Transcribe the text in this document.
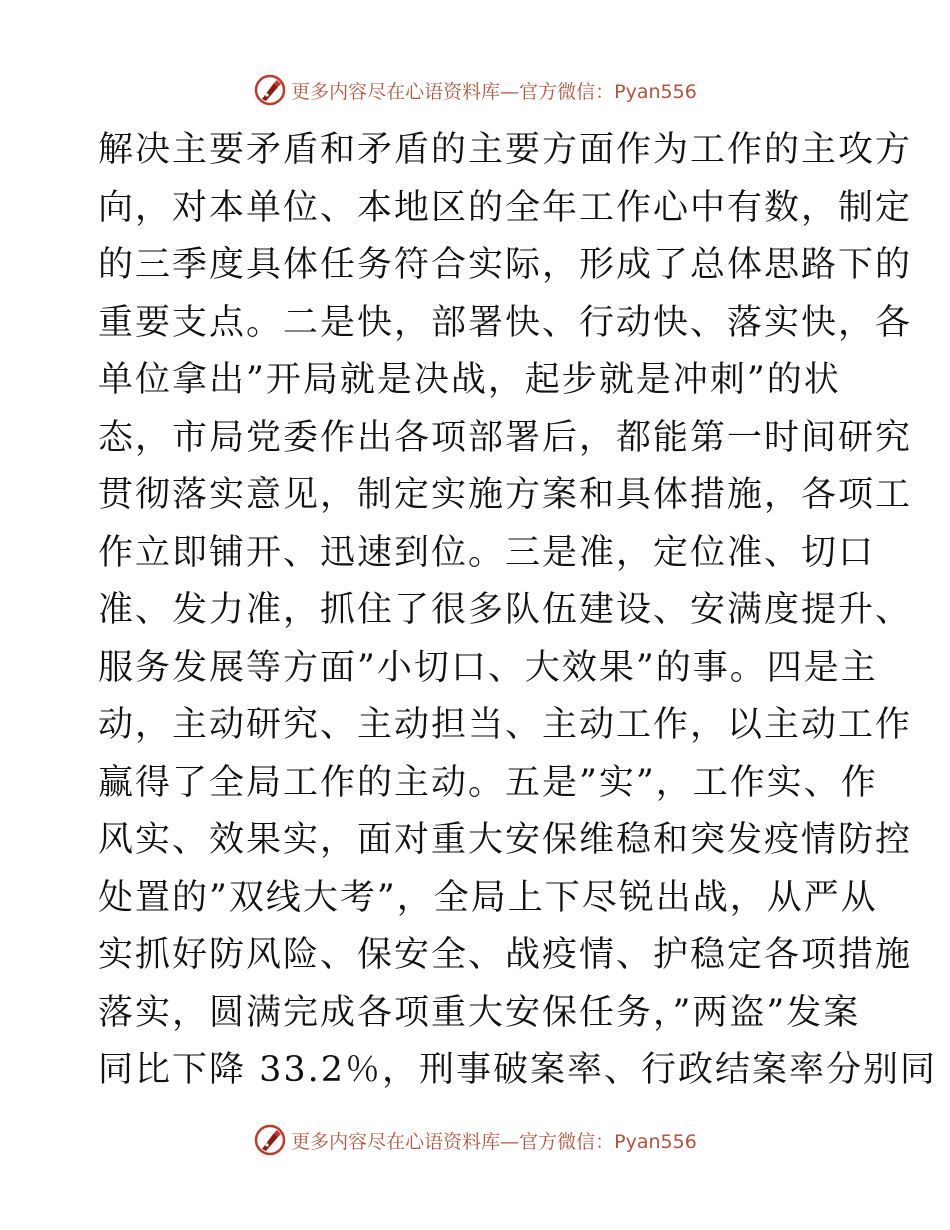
更多内容尽在心语资料库—官方微信：Pyan556
解决主要矛盾和矛盾的主要方面作为工作的主攻方
向，对本单位、本地区的全年工作心中有数，制定
的三季度具体任务符合实际，形成了总体思路下的
重要支点。二是快，部署快、行动快、落实快，各
单位拿出”开局就是决战，起步就是冲刺”的状
态，市局党委作出各项部署后，都能第一时间研究
贯彻落实意见，制定实施方案和具体措施，各项工
作立即铺开、迅速到位。三是准，定位准、切口
准、发力准，抓住了很多队伍建设、安满度提升、
服务发展等方面”小切口、大效果”的事。四是主
动，主动研究、主动担当、主动工作，以主动工作
赢得了全局工作的主动。五是”实”，工作实、作
风实、效果实，面对重大安保维稳和突发疫情防控
处置的”双线大考”，全局上下尽锐出战，从严从
实抓好防风险、保安全、战疫情、护稳定各项措施
落实，圆满完成各项重大安保任务，”两盗”发案
同比下降 33.2％，刑事破案率、行政结案率分别同
更多内容尽在心语资料库—官方微信：Pyan556
